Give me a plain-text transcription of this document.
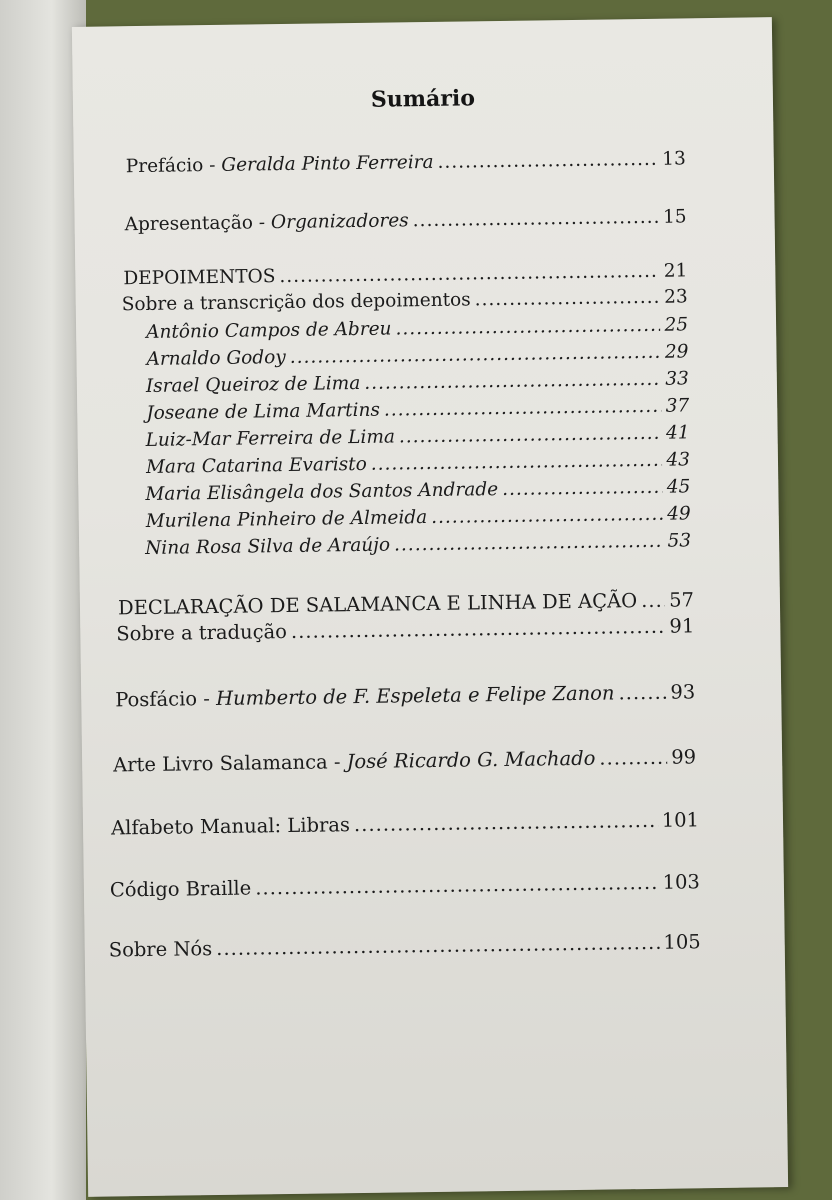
Sumário
Prefácio - Geralda Pinto Ferreira .....	13
Apresentação - Organizadores .....	15
DEPOIMENTOS .....	21
Sobre a transcrição dos depoimentos .....	23
Antônio Campos de Abreu .....	25
Arnaldo Godoy .....	29
Israel Queiroz de Lima .....	33
Joseane de Lima Martins .....	37
Luiz-Mar Ferreira de Lima .....	41
Mara Catarina Evaristo .....	43
Maria Elisângela dos Santos Andrade .....	45
Murilena Pinheiro de Almeida .....	49
Nina Rosa Silva de Araújo .....	53
DECLARAÇÃO DE SALAMANCA E LINHA DE AÇÃO ..... 57
Sobre a tradução .....	91
Posfácio - Humberto de F. Espeleta e Felipe Zanon .....	93
Arte Livro Salamanca - José Ricardo G. Machado .....	99
Alfabeto Manual: Libras .....	101
Código Braille .....	103
Sobre Nós .....	105
